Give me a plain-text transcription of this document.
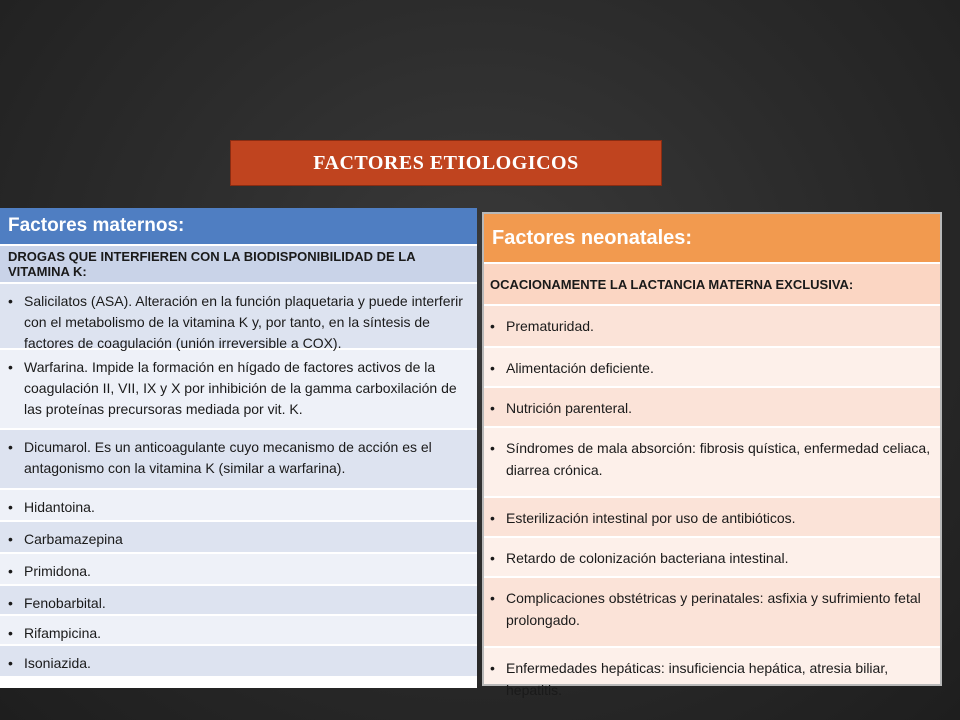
FACTORES ETIOLOGICOS
Factores maternos:
DROGAS QUE INTERFIEREN CON LA BIODISPONIBILIDAD DE LA VITAMINA K:
• Salicilatos (ASA). Alteración en la función plaquetaria y puede interferir con el metabolismo de la vitamina K y, por tanto, en la síntesis de factores de coagulación (unión irreversible a COX).
• Warfarina. Impide la formación en hígado de factores activos de la coagulación II, VII, IX y X por inhibición de la gamma carboxilación de las proteínas precursoras mediada por vit. K.
• Dicumarol. Es un anticoagulante cuyo mecanismo de acción es el antagonismo con la vitamina K (similar a warfarina).
• Hidantoina.
• Carbamazepina
• Primidona.
• Fenobarbital.
• Rifampicina.
• Isoniazida.
Factores neonatales:
OCACIONAMENTE LA LACTANCIA MATERNA EXCLUSIVA:
• Prematuridad.
• Alimentación deficiente.
• Nutrición parenteral.
• Síndromes de mala absorción: fibrosis quística, enfermedad celiaca, diarrea crónica.
• Esterilización intestinal por uso de antibióticos.
• Retardo de colonización bacteriana intestinal.
• Complicaciones obstétricas y perinatales: asfixia y sufrimiento fetal prolongado.
• Enfermedades hepáticas: insuficiencia hepática, atresia biliar, hepatitis.
